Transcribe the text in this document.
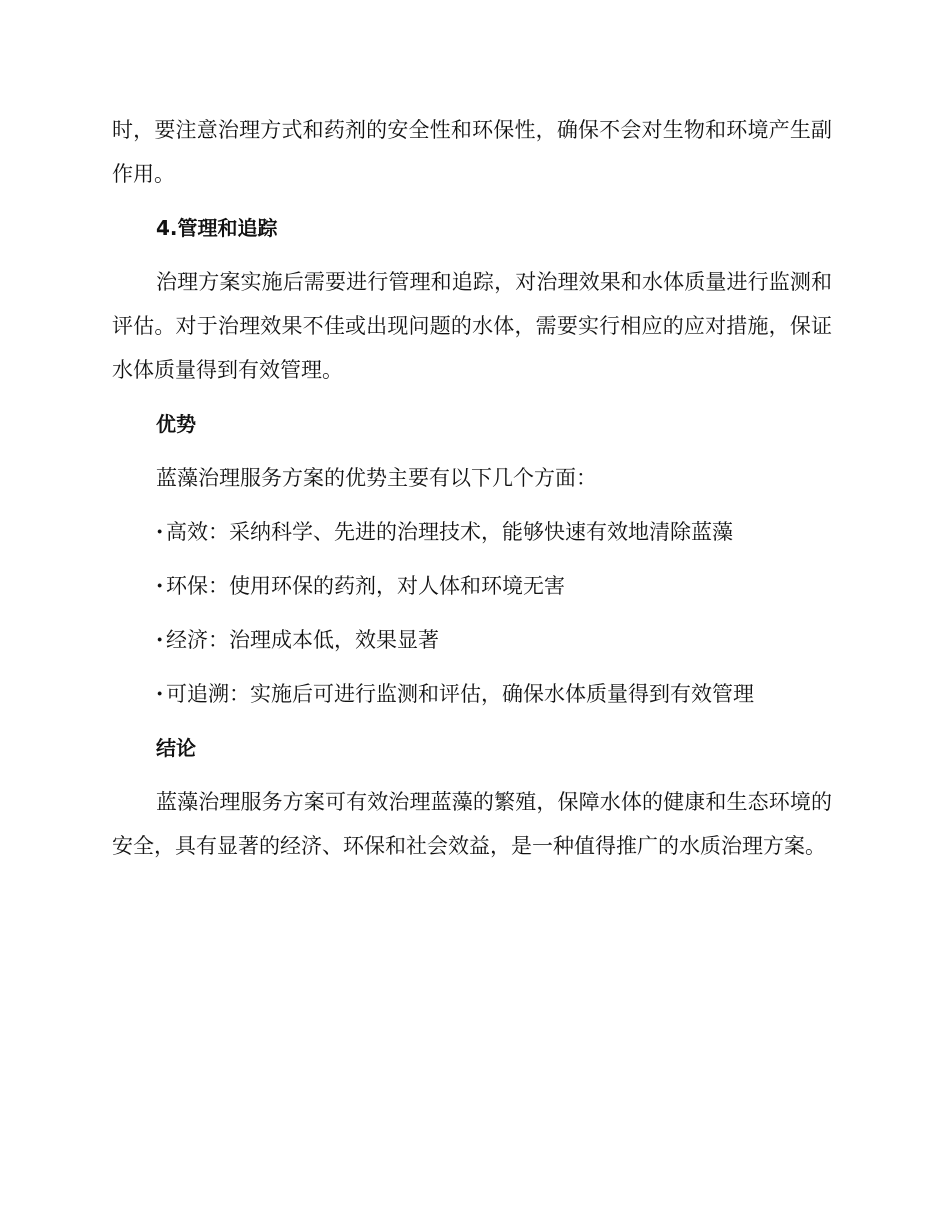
时，要注意治理方式和药剂的安全性和环保性，确保不会对生物和环境产生副作用。

4.管理和追踪

治理方案实施后需要进行管理和追踪，对治理效果和水体质量进行监测和评估。对于治理效果不佳或出现问题的水体，需要实行相应的应对措施，保证水体质量得到有效管理。

优势

蓝藻治理服务方案的优势主要有以下几个方面：

· 高效：采纳科学、先进的治理技术，能够快速有效地清除蓝藻
· 环保：使用环保的药剂，对人体和环境无害
· 经济：治理成本低，效果显著
· 可追溯：实施后可进行监测和评估，确保水体质量得到有效管理
结论

蓝藻治理服务方案可有效治理蓝藻的繁殖，保障水体的健康和生态环境的安全，具有显著的经济、环保和社会效益，是一种值得推广的水质治理方案。
